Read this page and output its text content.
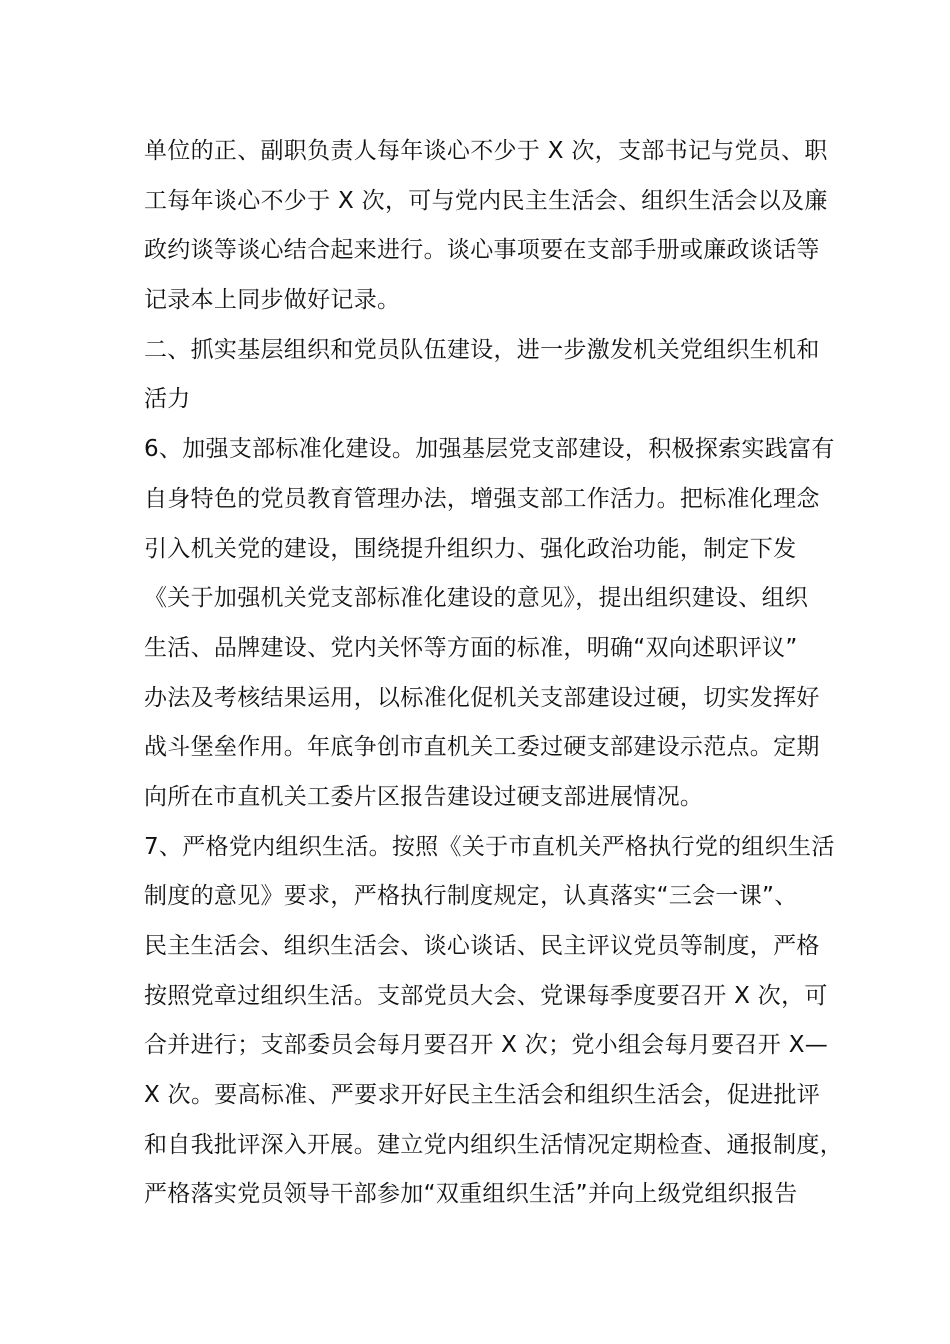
单位的正、副职负责人每年谈心不少于 X 次，支部书记与党员、职
工每年谈心不少于 X 次，可与党内民主生活会、组织生活会以及廉
政约谈等谈心结合起来进行。谈心事项要在支部手册或廉政谈话等
记录本上同步做好记录。
二、抓实基层组织和党员队伍建设，进一步激发机关党组织生机和
活力
6、加强支部标准化建设。加强基层党支部建设，积极探索实践富有
自身特色的党员教育管理办法，增强支部工作活力。把标准化理念
引入机关党的建设，围绕提升组织力、强化政治功能，制定下发
《关于加强机关党支部标准化建设的意见》，提出组织建设、组织
生活、品牌建设、党内关怀等方面的标准，明确“双向述职评议”
办法及考核结果运用，以标准化促机关支部建设过硬，切实发挥好
战斗堡垒作用。年底争创市直机关工委过硬支部建设示范点。定期
向所在市直机关工委片区报告建设过硬支部进展情况。
7、严格党内组织生活。按照《关于市直机关严格执行党的组织生活
制度的意见》要求，严格执行制度规定，认真落实“三会一课”、
民主生活会、组织生活会、谈心谈话、民主评议党员等制度，严格
按照党章过组织生活。支部党员大会、党课每季度要召开 X 次，可
合并进行；支部委员会每月要召开 X 次；党小组会每月要召开 X—
X 次。要高标准、严要求开好民主生活会和组织生活会，促进批评
和自我批评深入开展。建立党内组织生活情况定期检查、通报制度，
严格落实党员领导干部参加“双重组织生活”并向上级党组织报告
